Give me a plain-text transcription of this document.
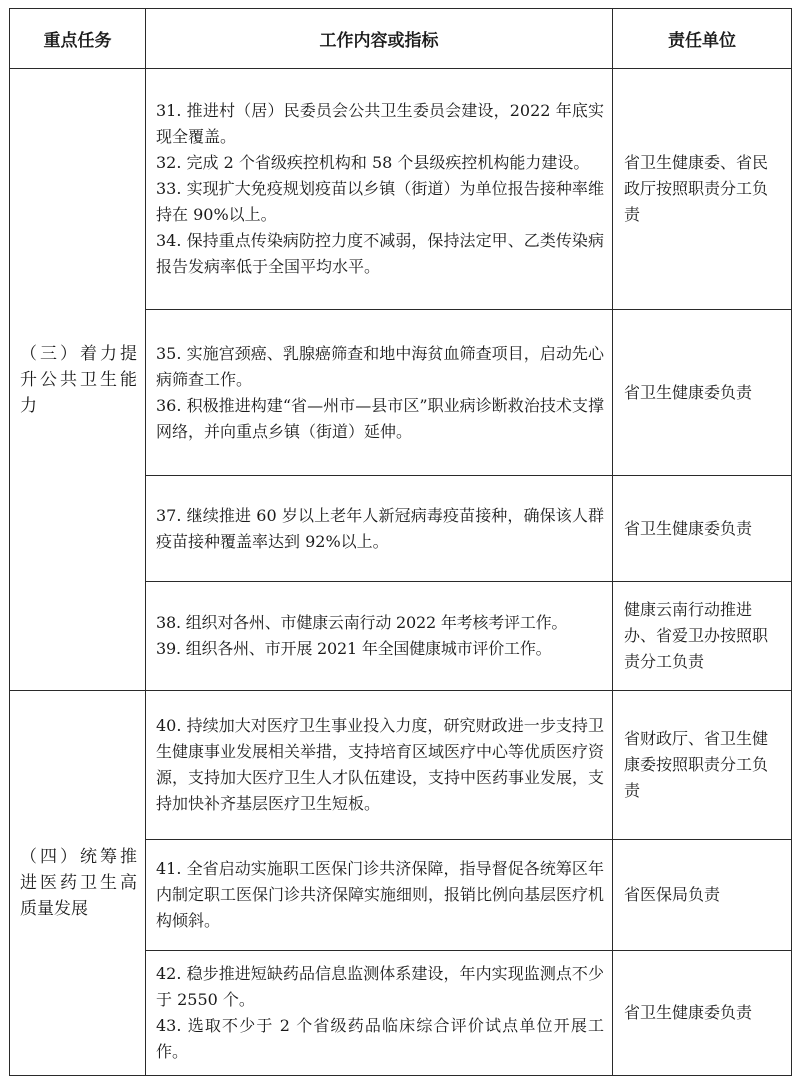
重点任务	工作内容或指标	责任单位
（三）着力提升公共卫生能力	31. 推进村（居）民委员会公共卫生委员会建设，2022 年底实现全覆盖。

32. 完成 2 个省级疾控机构和 58 个县级疾控机构能力建设。

33. 实现扩大免疫规划疫苗以乡镇（街道）为单位报告接种率维持在 90%以上。

34. 保持重点传染病防控力度不减弱，保持法定甲、乙类传染病报告发病率低于全国平均水平。	省卫生健康委、省民政厅按照职责分工负责

	35. 实施宫颈癌、乳腺癌筛查和地中海贫血筛查项目，启动先心病筛查工作。

36. 积极推进构建“省—州市—县市区”职业病诊断救治技术支撑网络，并向重点乡镇（街道）延伸。	省卫生健康委负责

	37. 继续推进 60 岁以上老年人新冠病毒疫苗接种，确保该人群疫苗接种覆盖率达到 92%以上。	省卫生健康委负责

	38. 组织对各州、市健康云南行动 2022 年考核考评工作。

39. 组织各州、市开展 2021 年全国健康城市评价工作。	健康云南行动推进办、省爱卫办按照职责分工负责
（四）统筹推进医药卫生高质量发展	40. 持续加大对医疗卫生事业投入力度，研究财政进一步支持卫生健康事业发展相关举措，支持培育区域医疗中心等优质医疗资源，支持加大医疗卫生人才队伍建设，支持中医药事业发展，支持加快补齐基层医疗卫生短板。	省财政厅、省卫生健康委按照职责分工负责

	41. 全省启动实施职工医保门诊共济保障，指导督促各统筹区年内制定职工医保门诊共济保障实施细则，报销比例向基层医疗机构倾斜。	省医保局负责

	42. 稳步推进短缺药品信息监测体系建设，年内实现监测点不少于 2550 个。

43. 选取不少于 2 个省级药品临床综合评价试点单位开展工作。	省卫生健康委负责
